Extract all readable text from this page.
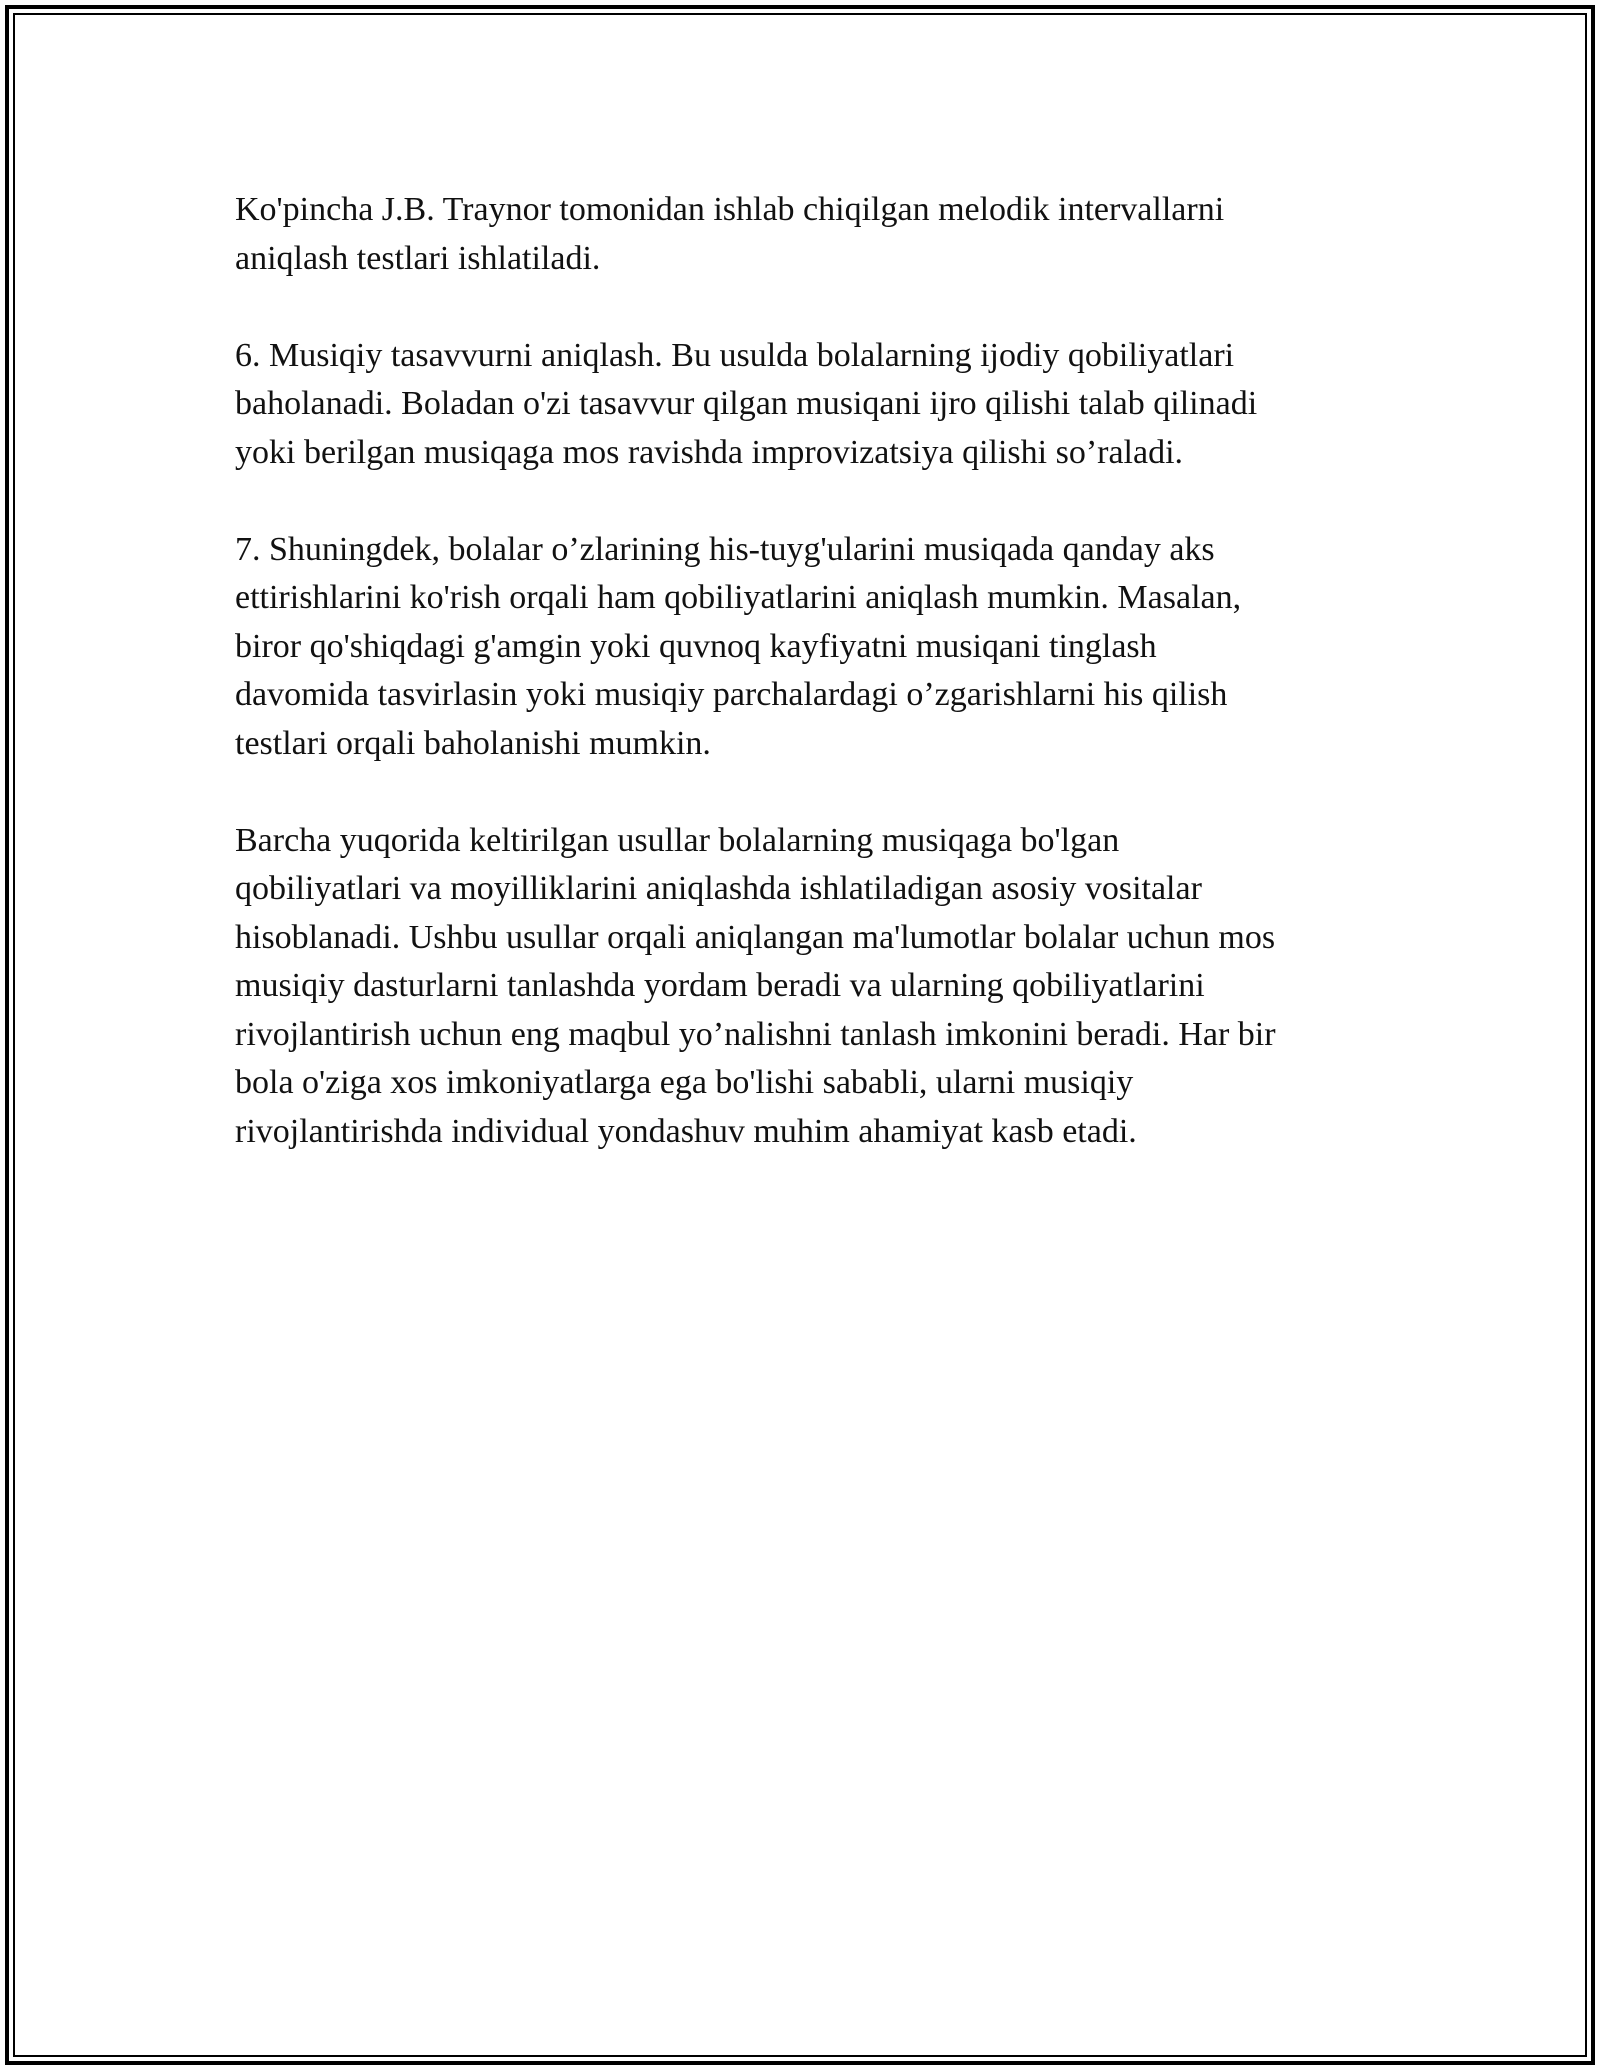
Ko'pincha J.B. Traynor tomonidan ishlab chiqilgan melodik intervallarni
aniqlash testlari ishlatiladi.

6. Musiqiy tasavvurni aniqlash. Bu usulda bolalarning ijodiy qobiliyatlari
baholanadi. Boladan o'zi tasavvur qilgan musiqani ijro qilishi talab qilinadi
yoki berilgan musiqaga mos ravishda improvizatsiya qilishi so’raladi.

7. Shuningdek, bolalar o’zlarining his-tuyg'ularini musiqada qanday aks
ettirishlarini ko'rish orqali ham qobiliyatlarini aniqlash mumkin. Masalan,
biror qo'shiqdagi g'amgin yoki quvnoq kayfiyatni musiqani tinglash
davomida tasvirlasin yoki musiqiy parchalardagi o’zgarishlarni his qilish
testlari orqali baholanishi mumkin.

Barcha yuqorida keltirilgan usullar bolalarning musiqaga bo'lgan
qobiliyatlari va moyilliklarini aniqlashda ishlatiladigan asosiy vositalar
hisoblanadi. Ushbu usullar orqali aniqlangan ma'lumotlar bolalar uchun mos
musiqiy dasturlarni tanlashda yordam beradi va ularning qobiliyatlarini
rivojlantirish uchun eng maqbul yo’nalishni tanlash imkonini beradi. Har bir
bola o'ziga xos imkoniyatlarga ega bo'lishi sababli, ularni musiqiy
rivojlantirishda individual yondashuv muhim ahamiyat kasb etadi.
